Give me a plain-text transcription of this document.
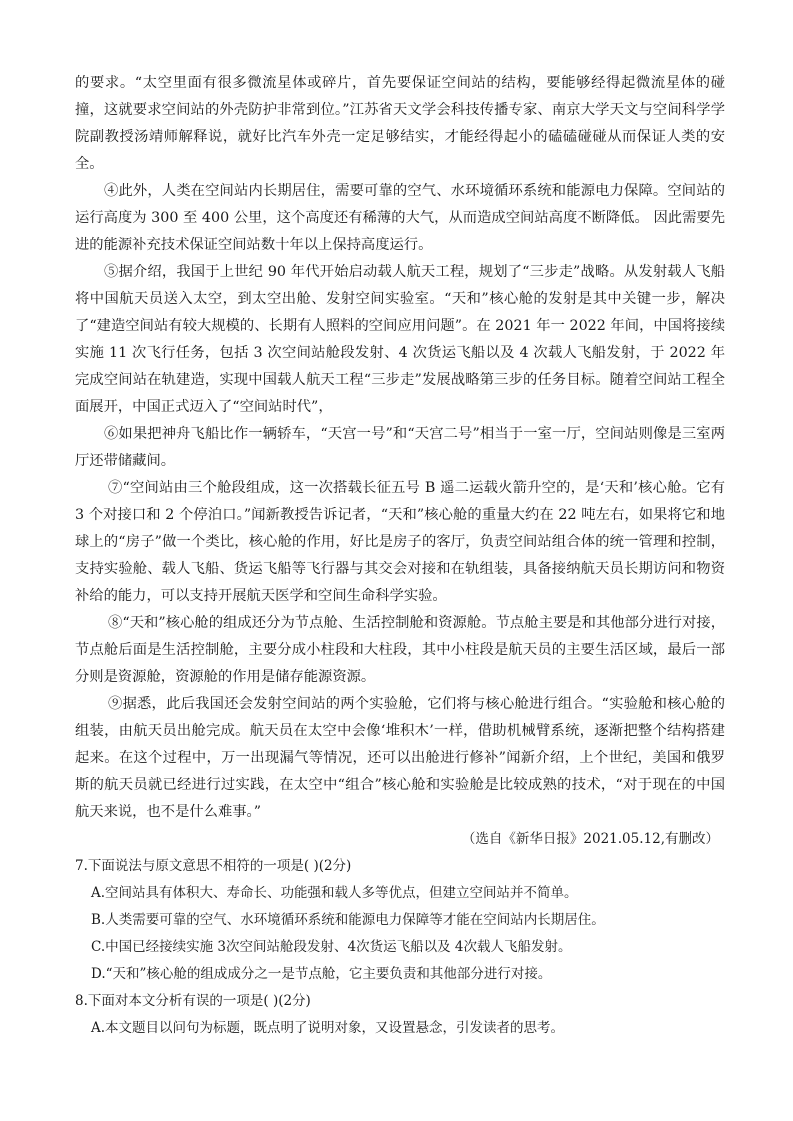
的要求。“太空里面有很多微流星体或碎片，首先要保证空间站的结构，要能够经得起微流星体的碰撞，这就要求空间站的外壳防护非常到位。”江苏省天文学会科技传播专家、南京大学天文与空间科学学院副教授汤靖师解释说，就好比汽车外壳一定足够结实，才能经得起小的磕磕碰碰从而保证人类的安全。

④此外，人类在空间站内长期居住，需要可靠的空气、水环境循环系统和能源电力保障。空间站的运行高度为 300 至 400 公里，这个高度还有稀薄的大气，从而造成空间站高度不断降低。 因此需要先进的能源补充技术保证空间站数十年以上保持高度运行。

⑤据介绍，我国于上世纪 90 年代开始启动载人航天工程，规划了“三步走”战略。从发射载人飞船将中国航天员送入太空，到太空出舱、发射空间实验室。“天和”核心舱的发射是其中关键一步，解决了“建造空间站有较大规模的、长期有人照料的空间应用问题”。在 2021 年一 2022 年间，中国将接续实施 11 次飞行任务，包括 3 次空间站舱段发射、4 次货运飞船以及 4 次载人飞船发射，于 2022 年完成空间站在轨建造，实现中国载人航天工程“三步走”发展战略第三步的任务目标。随着空间站工程全面展开，中国正式迈入了“空间站时代”，

⑥如果把神舟飞船比作一辆轿车，“天宫一号”和“天宫二号”相当于一室一厅，空间站则像是三室两厅还带储藏间。

⑦“空间站由三个舱段组成，这一次搭载长征五号 B 遥二运载火箭升空的，是‘天和’核心舱。它有 3 个对接口和 2 个停泊口。”闻新教授告诉记者，“天和”核心舱的重量大约在 22 吨左右，如果将它和地球上的“房子”做一个类比，核心舱的作用，好比是房子的客厅，负责空间站组合体的统一管理和控制，支持实验舱、载人飞船、货运飞船等飞行器与其交会对接和在轨组装，具备接纳航天员长期访问和物资补给的能力，可以支持开展航天医学和空间生命科学实验。

⑧“天和”核心舱的组成还分为节点舱、生活控制舱和资源舱。节点舱主要是和其他部分进行对接，节点舱后面是生活控制舱，主要分成小柱段和大柱段，其中小柱段是航天员的主要生活区域，最后一部分则是资源舱，资源舱的作用是储存能源资源。

⑨据悉，此后我国还会发射空间站的两个实验舱，它们将与核心舱进行组合。“实验舱和核心舱的组装，由航天员出舱完成。航天员在太空中会像‘堆积木’一样，借助机械臂系统，逐渐把整个结构搭建起来。在这个过程中，万一出现漏气等情况，还可以出舱进行修补”闻新介绍，上个世纪，美国和俄罗斯的航天员就已经进行过实践，在太空中“组合”核心舱和实验舱是比较成熟的技术，“对于现在的中国航天来说，也不是什么难事。”

（选自《新华日报》2021.05.12,有删改）

7.下面说法与原文意思不相符的一项是( )(2分)

A.空间站具有体积大、寿命长、功能强和载人多等优点，但建立空间站并不简单。

B.人类需要可靠的空气、水环境循环系统和能源电力保障等才能在空间站内长期居住。

C.中国已经接续实施 3次空间站舱段发射、4次货运飞船以及 4次载人飞船发射。

D.“天和”核心舱的组成成分之一是节点舱，它主要负责和其他部分进行对接。

8.下面对本文分析有误的一项是( )(2分)

A.本文题目以问句为标题，既点明了说明对象，又设置悬念，引发读者的思考。
